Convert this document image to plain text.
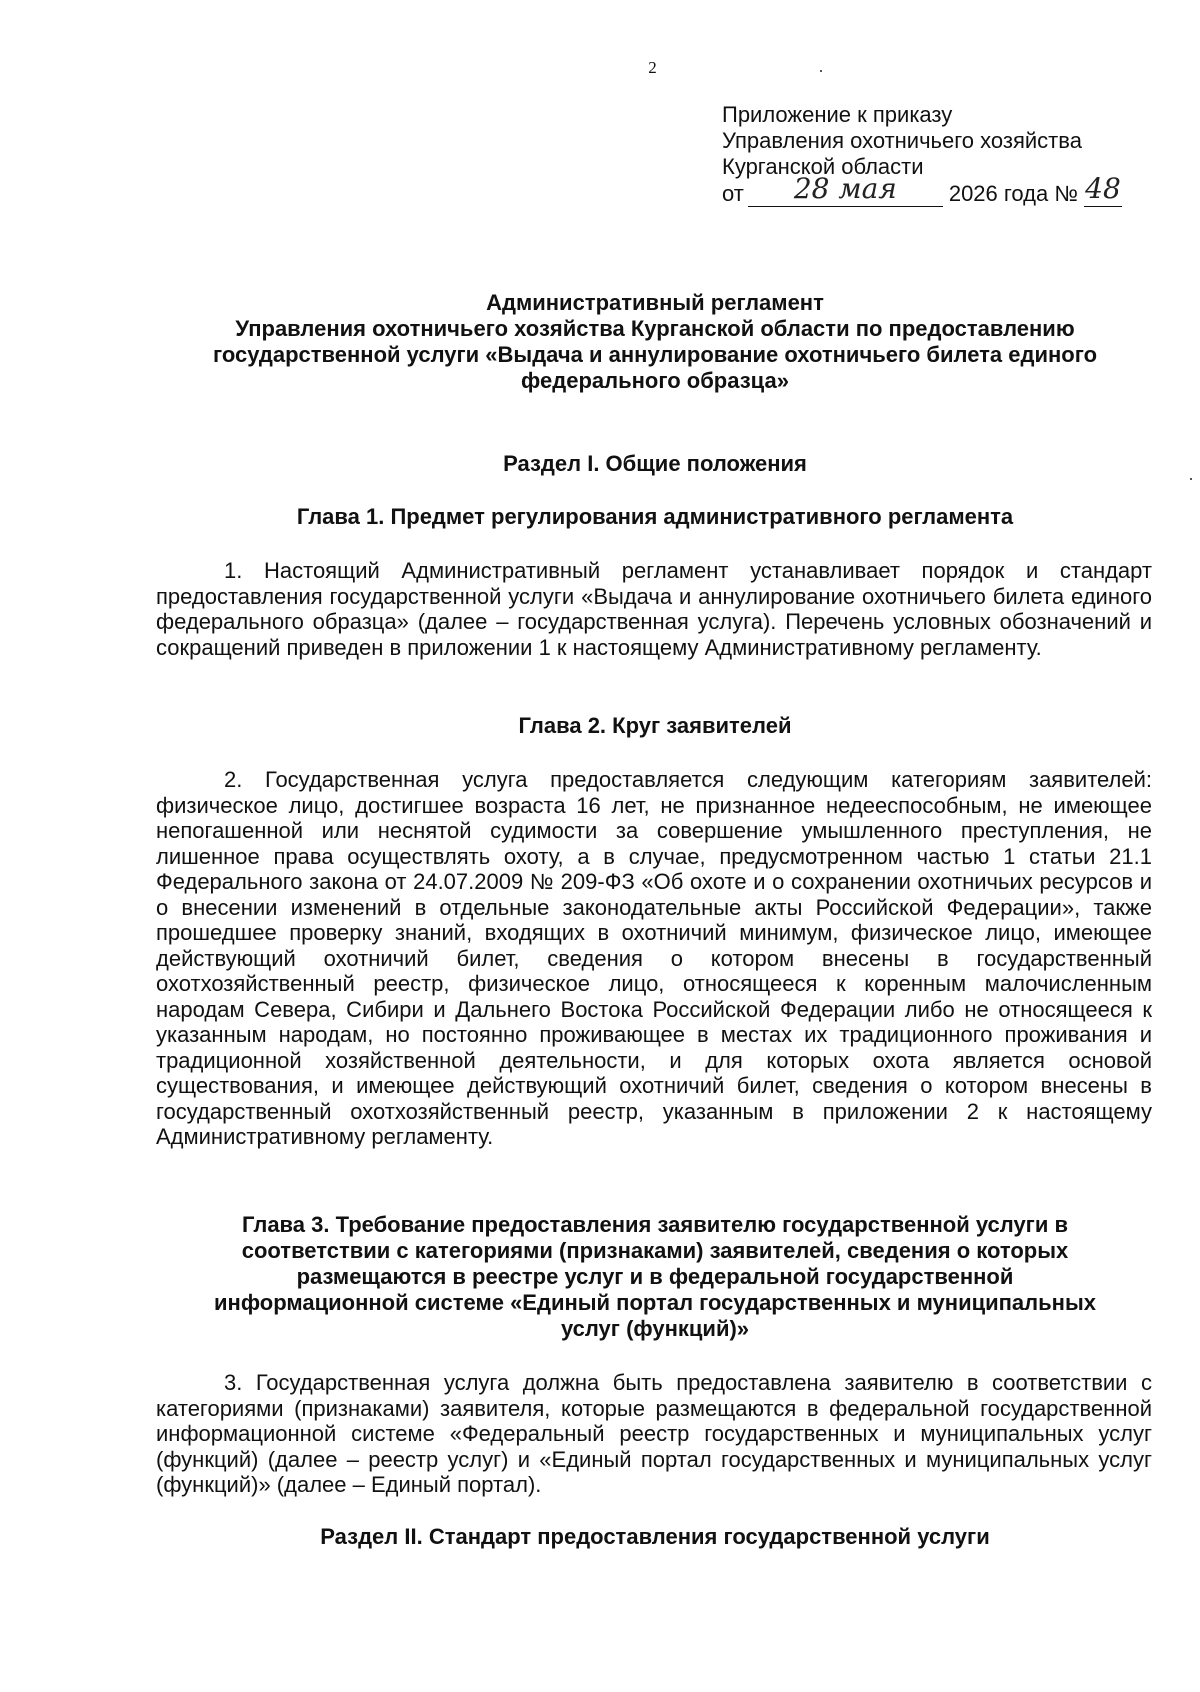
2
Приложение к приказу
Управления охотничьего хозяйства
Курганской области
от	28 мая	2026 года № 48
Административный регламент
Управления охотничьего хозяйства Курганской области по предоставлению
государственной услуги «Выдача и аннулирование охотничьего билета единого
федерального образца»
Раздел I. Общие положения
Глава 1. Предмет регулирования административного регламента
1. Настоящий Административный регламент устанавливает порядок и стандарт предоставления государственной услуги «Выдача и аннулирование охотничьего билета единого федерального образца» (далее – государственная услуга). Перечень условных обозначений и сокращений приведен в приложении 1 к настоящему Административному регламенту.
Глава 2. Круг заявителей
2. Государственная услуга предоставляется следующим категориям заявителей: физическое лицо, достигшее возраста 16 лет, не признанное недееспособным, не имеющее непогашенной или неснятой судимости за совершение умышленного преступления, не лишенное права осуществлять охоту, а в случае, предусмотренном частью 1 статьи 21.1 Федерального закона от 24.07.2009 № 209-ФЗ «Об охоте и о сохранении охотничьих ресурсов и о внесении изменений в отдельные законодательные акты Российской Федерации», также прошедшее проверку знаний, входящих в охотничий минимум, физическое лицо, имеющее действующий охотничий билет, сведения о котором внесены в государственный охотхозяйственный реестр, физическое лицо, относящееся к коренным малочисленным народам Севера, Сибири и Дальнего Востока Российской Федерации либо не относящееся к указанным народам, но постоянно проживающее в местах их традиционного проживания и традиционной хозяйственной деятельности, и для которых охота является основой существования, и имеющее действующий охотничий билет, сведения о котором внесены в государственный охотхозяйственный реестр, указанным в приложении 2 к настоящему Административному регламенту.
Глава 3. Требование предоставления заявителю государственной услуги в
соответствии с категориями (признаками) заявителей, сведения о которых
размещаются в реестре услуг и в федеральной государственной
информационной системе «Единый портал государственных и муниципальных
услуг (функций)»
3. Государственная услуга должна быть предоставлена заявителю в соответствии с категориями (признаками) заявителя, которые размещаются в федеральной государственной информационной системе «Федеральный реестр государственных и муниципальных услуг (функций) (далее – реестр услуг) и «Единый портал государственных и муниципальных услуг (функций)» (далее – Единый портал).
Раздел II. Стандарт предоставления государственной услуги
